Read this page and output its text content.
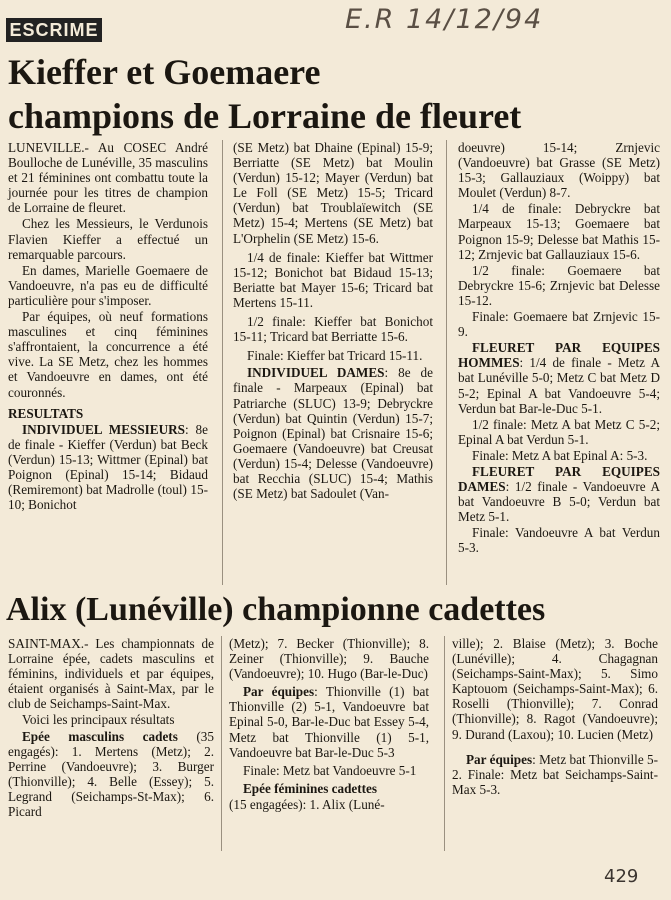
ESCRIME	E.R 14/12/94
Kieffer et Goemaere
champions de Lorraine de fleuret

LUNEVILLE.- Au COSEC André Boulloche de Lunéville, 35 masculins et 21 féminines ont combattu toute la journée pour les titres de champion de Lorraine de fleuret.

Chez les Messieurs, le Verdunois Flavien Kieffer a effectué un remarquable parcours.

En dames, Marielle Goemaere de Vandoeuvre, n'a pas eu de difficulté particulière pour s'imposer.

Par équipes, où neuf formations masculines et cinq féminines s'affrontaient, la concurrence a été vive. La SE Metz, chez les hommes et Vandoeuvre en dames, ont été couronnés.

RESULTATS

INDIVIDUEL MESSIEURS: 8e de finale - Kieffer (Verdun) bat Beck (Verdun) 15-13; Wittmer (Epinal) bat Poignon (Epinal) 15-14; Bidaud (Remiremont) bat Madrolle (toul) 15-10; Bonichot

(SE Metz) bat Dhaine (Epinal) 15-9; Berriatte (SE Metz) bat Moulin (Verdun) 15-12; Mayer (Verdun) bat Le Foll (SE Metz) 15-5; Tricard (Verdun) bat Troublaïewitch (SE Metz) 15-4; Mertens (SE Metz) bat L'Orphelin (SE Metz) 15-6.

1/4 de finale: Kieffer bat Wittmer 15-12; Bonichot bat Bidaud 15-13; Beriatte bat Mayer 15-6; Tricard bat Mertens 15-11.

1/2 finale: Kieffer bat Bonichot 15-11; Tricard bat Berriatte 15-6.

Finale: Kieffer bat Tricard 15-11.

INDIVIDUEL DAMES: 8e de finale - Marpeaux (Epinal) bat Patriarche (SLUC) 13-9; Debryckre (Verdun) bat Quintin (Verdun) 15-7; Poignon (Epinal) bat Crisnaire 15-6; Goemaere (Vandoeuvre) bat Creusat (Verdun) 15-4; Delesse (Vandoeuvre) bat Recchia (SLUC) 15-4; Mathis (SE Metz) bat Sadoulet (Van-

doeuvre) 15-14; Zrnjevic (Vandoeuvre) bat Grasse (SE Metz) 15-3; Gallauziaux (Woippy) bat Moulet (Verdun) 8-7.

1/4 de finale: Debryckre bat Marpeaux 15-13; Goemaere bat Poignon 15-9; Delesse bat Mathis 15-12; Zrnjevic bat Gallauziaux 15-6.

1/2 finale: Goemaere bat Debryckre 15-6; Zrnjevic bat Delesse 15-12.

Finale: Goemaere bat Zrnjevic 15-9.

FLEURET PAR EQUIPES HOMMES: 1/4 de finale - Metz A bat Lunéville 5-0; Metz C bat Metz D 5-2; Epinal A bat Vandoeuvre 5-4; Verdun bat Bar-le-Duc 5-1.

1/2 finale: Metz A bat Metz C 5-2; Epinal A bat Verdun 5-1.

Finale: Metz A bat Epinal A: 5-3.

FLEURET PAR EQUIPES DAMES: 1/2 finale - Vandoeuvre A bat Vandoeuvre B 5-0; Verdun bat Metz 5-1.

Finale: Vandoeuvre A bat Verdun 5-3.

Alix (Lunéville) championne cadettes

SAINT-MAX.- Les championnats de Lorraine épée, cadets masculins et féminins, individuels et par équipes, étaient organisés à Saint-Max, par le club de Seichamps-Saint-Max.

Voici les principaux résultats

Epée masculins cadets (35 engagés): 1. Mertens (Metz); 2. Perrine (Vandoeuvre); 3. Burger (Thionville); 4. Belle (Essey); 5. Legrand (Seichamps-St-Max); 6. Picard

(Metz); 7. Becker (Thionville); 8. Zeiner (Thionville); 9. Bauche (Vandoeuvre); 10. Hugo (Bar-le-Duc)

Par équipes: Thionville (1) bat Thionville (2) 5-1, Vandoeuvre bat Epinal 5-0, Bar-le-Duc bat Essey 5-4, Metz bat Thionville (1) 5-1, Vandoeuvre bat Bar-le-Duc 5-3

Finale: Metz bat Vandoeuvre 5-1

Epée féminines cadettes

(15 engagées): 1. Alix (Luné-

ville); 2. Blaise (Metz); 3. Boche (Lunéville); 4. Chagagnan (Seichamps-Saint-Max); 5. Simo Kaptouom (Seichamps-Saint-Max); 6. Roselli (Thionville); 7. Conrad (Thionville); 8. Ragot (Vandoeuvre); 9. Durand (Laxou); 10. Lucien (Metz)

Par équipes: Metz bat Thionville 5-2. Finale: Metz bat Seichamps-Saint-Max 5-3.

429
